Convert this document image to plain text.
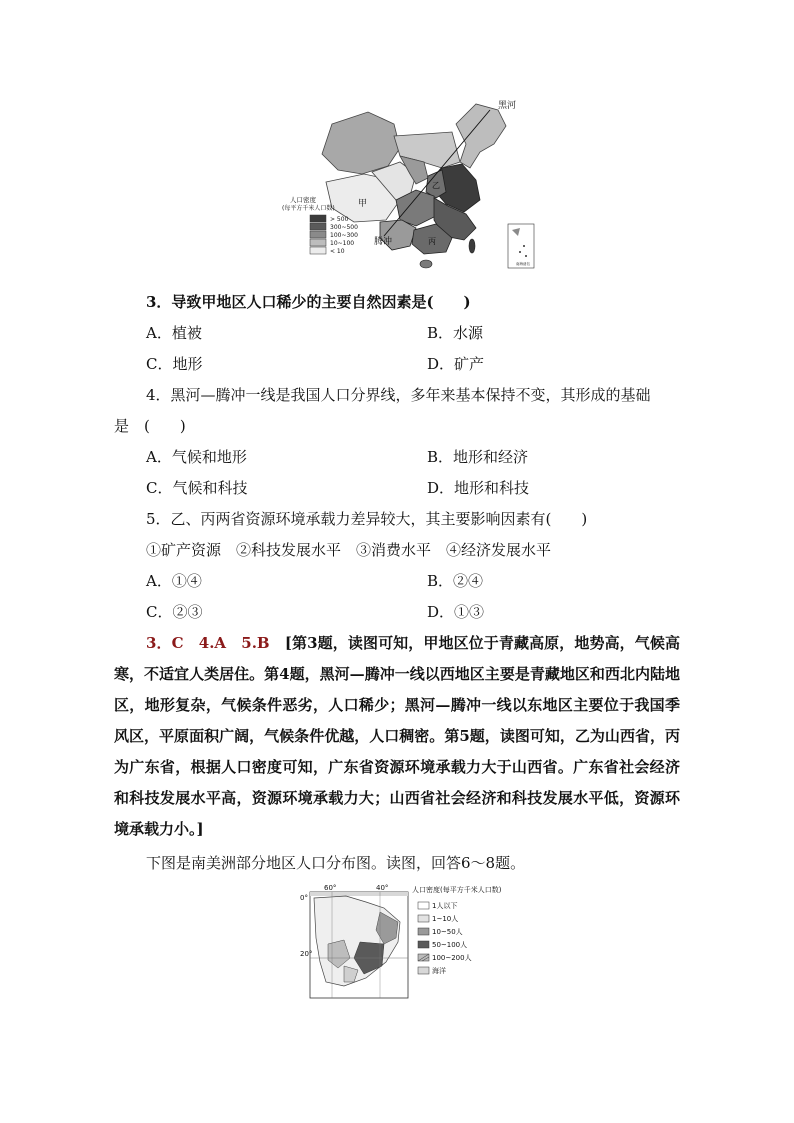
黑河
腾冲
甲
乙
丙
人口密度
(每平方千米人口数)
> 500
300~500
100~300
10~100
< 10
南海诸岛
3．导致甲地区人口稀少的主要自然因素是(　　)
A．植被	B．水源
C．地形	D．矿产
4．黑河—腾冲一线是我国人口分界线，多年来基本保持不变，其形成的基础
是　(　　)
A．气候和地形	B．地形和经济
C．气候和科技	D．地形和科技
5．乙、丙两省资源环境承载力差异较大，其主要影响因素有(　　)
①矿产资源　②科技发展水平　③消费水平　④经济发展水平
A．①④	B．②④
C．②③	D．①③
3．C　4.A　5.B　 [第3题，读图可知，甲地区位于青藏高原，地势高，气候高寒，不适宜人类居住。第4题，黑河—腾冲一线以西地区主要是青藏地区和西北内陆地区，地形复杂，气候条件恶劣，人口稀少；黑河—腾冲一线以东地区主要位于我国季风区，平原面积广阔，气候条件优越，人口稠密。第5题，读图可知，乙为山西省，丙为广东省，根据人口密度可知，广东省资源环境承载力大于山西省。广东省社会经济和科技发展水平高，资源环境承载力大；山西省社会经济和科技发展水平低，资源环境承载力小。]
下图是南美洲部分地区人口分布图。读图，回答6～8题。
60°	40°
0°
20°
人口密度(每平方千米人口数)
1人以下
1~10人
10~50人
50~100人
100~200人
海洋
